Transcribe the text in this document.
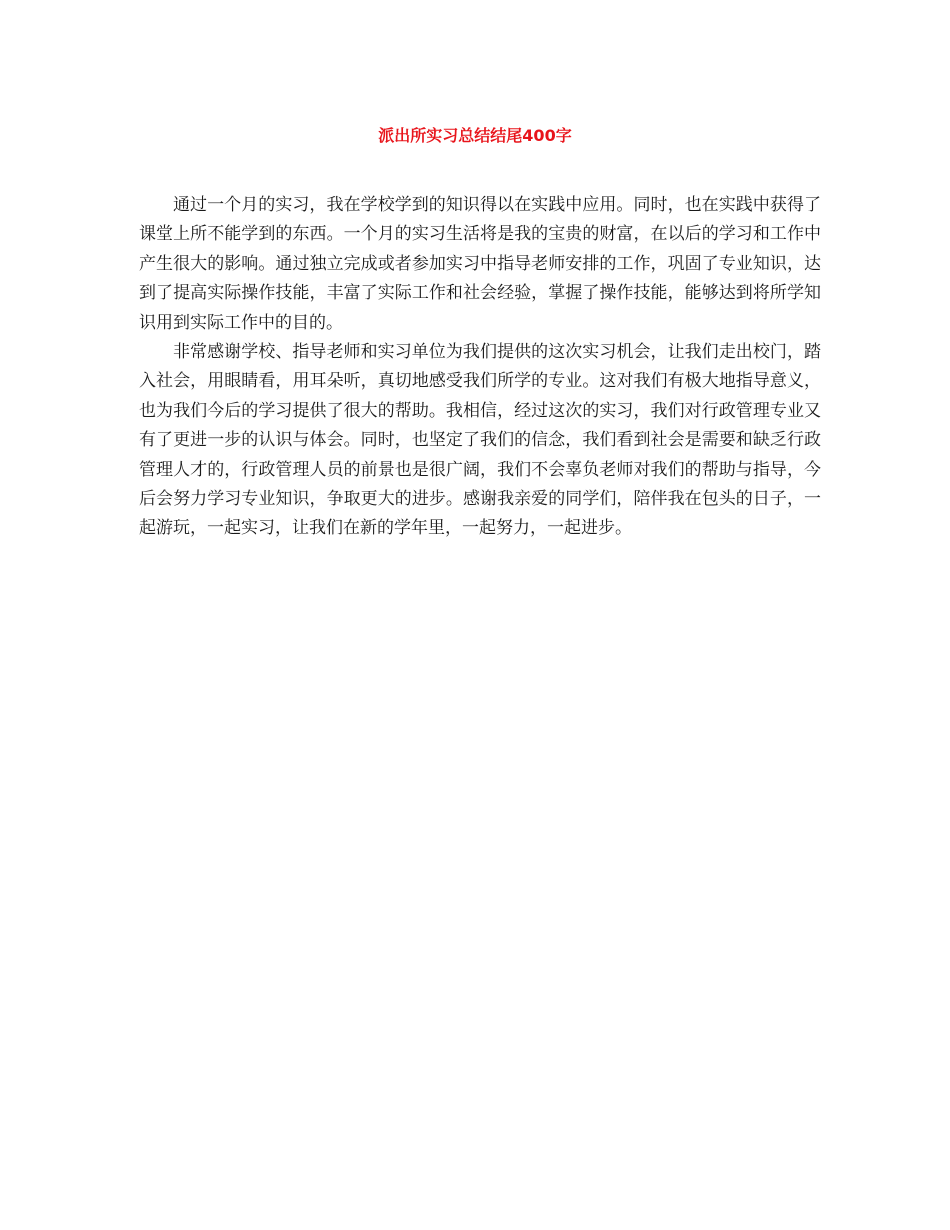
派出所实习总结结尾400字

通过一个月的实习，我在学校学到的知识得以在实践中应用。同时，也在实践中获得了课堂上所不能学到的东西。一个月的实习生活将是我的宝贵的财富，在以后的学习和工作中产生很大的影响。通过独立完成或者参加实习中指导老师安排的工作，巩固了专业知识，达到了提高实际操作技能，丰富了实际工作和社会经验，掌握了操作技能，能够达到将所学知识用到实际工作中的目的。

非常感谢学校、指导老师和实习单位为我们提供的这次实习机会，让我们走出校门，踏入社会，用眼睛看，用耳朵听，真切地感受我们所学的专业。这对我们有极大地指导意义，也为我们今后的学习提供了很大的帮助。我相信，经过这次的实习，我们对行政管理专业又有了更进一步的认识与体会。同时，也坚定了我们的信念，我们看到社会是需要和缺乏行政管理人才的，行政管理人员的前景也是很广阔，我们不会辜负老师对我们的帮助与指导，今后会努力学习专业知识，争取更大的进步。感谢我亲爱的同学们，陪伴我在包头的日子，一起游玩，一起实习，让我们在新的学年里，一起努力，一起进步。
